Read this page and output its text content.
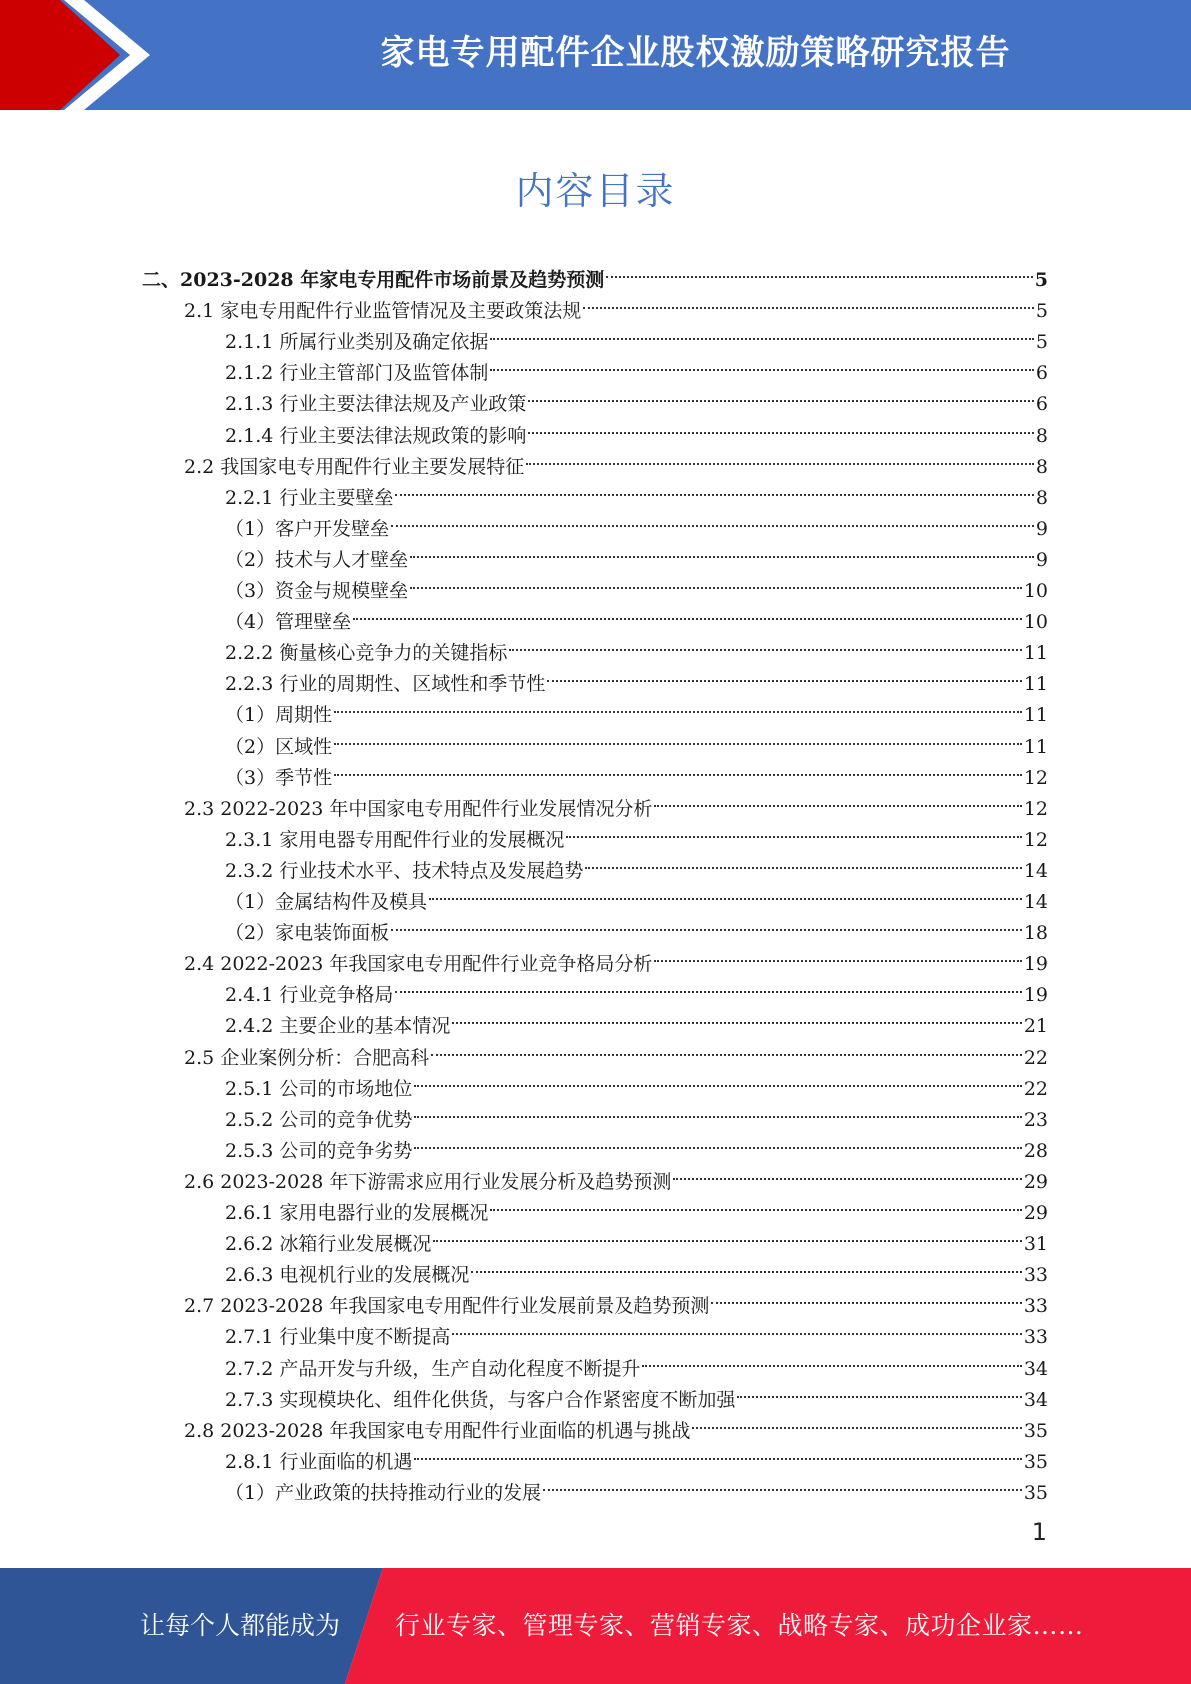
家电专用配件企业股权激励策略研究报告
内容目录
二、2023-2028 年家电专用配件市场前景及趋势预测	5
2.1 家电专用配件行业监管情况及主要政策法规	5
2.1.1 所属行业类别及确定依据	5
2.1.2 行业主管部门及监管体制	6
2.1.3 行业主要法律法规及产业政策	6
2.1.4 行业主要法律法规政策的影响	8
2.2 我国家电专用配件行业主要发展特征	8
2.2.1 行业主要壁垒	8
（1）客户开发壁垒	9
（2）技术与人才壁垒	9
（3）资金与规模壁垒	10
（4）管理壁垒	10
2.2.2 衡量核心竞争力的关键指标	11
2.2.3 行业的周期性、区域性和季节性	11
（1）周期性	11
（2）区域性	11
（3）季节性	12
2.3 2022-2023 年中国家电专用配件行业发展情况分析	12
2.3.1 家用电器专用配件行业的发展概况	12
2.3.2 行业技术水平、技术特点及发展趋势	14
（1）金属结构件及模具	14
（2）家电装饰面板	18
2.4 2022-2023 年我国家电专用配件行业竞争格局分析	19
2.4.1 行业竞争格局	19
2.4.2 主要企业的基本情况	21
2.5 企业案例分析：合肥高科	22
2.5.1 公司的市场地位	22
2.5.2 公司的竞争优势	23
2.5.3 公司的竞争劣势	28
2.6 2023-2028 年下游需求应用行业发展分析及趋势预测	29
2.6.1 家用电器行业的发展概况	29
2.6.2 冰箱行业发展概况	31
2.6.3 电视机行业的发展概况	33
2.7 2023-2028 年我国家电专用配件行业发展前景及趋势预测	33
2.7.1 行业集中度不断提高	33
2.7.2 产品开发与升级，生产自动化程度不断提升	34
2.7.3 实现模块化、组件化供货，与客户合作紧密度不断加强	34
2.8 2023-2028 年我国家电专用配件行业面临的机遇与挑战	35
2.8.1 行业面临的机遇	35
（1）产业政策的扶持推动行业的发展	35
1
让每个人都能成为 行业专家、管理专家、营销专家、战略专家、成功企业家……
